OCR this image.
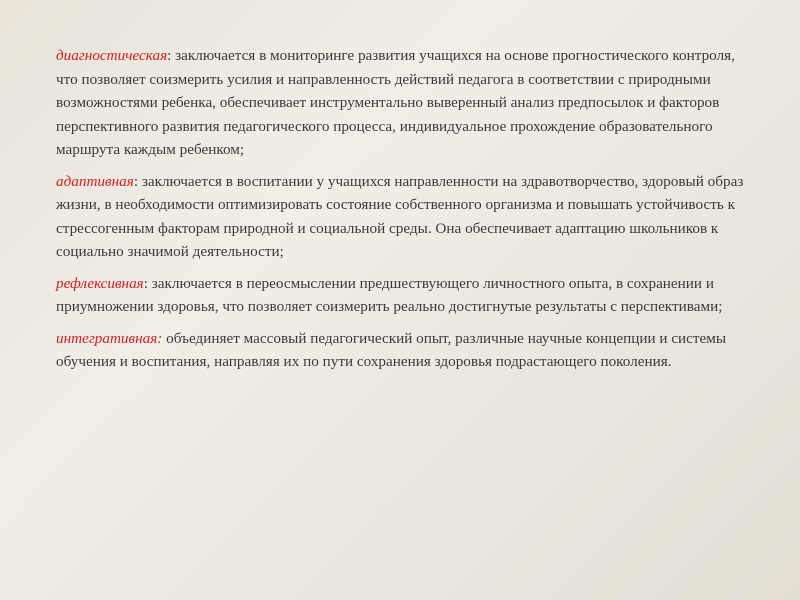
диагностическая: заключается в мониторинге развития учащихся на основе прогностического контроля, что позволяет соизмерить усилия и направленность действий педагога в соответствии с природными возможностями ребенка, обеспечивает инструментально выверенный анализ предпосылок и факторов перспективного развития педагогического процесса, индивидуальное прохождение образовательного маршрута каждым ребенком;

адаптивная: заключается в воспитании у учащихся направленности на здравотворчество, здоровый образ жизни, в необходимости оптимизировать состояние собственного организма и повышать устойчивость к стрессогенным факторам природной и социальной среды. Она обеспечивает адаптацию школьников к социально значимой деятельности;

рефлексивная: заключается в переосмыслении предшествующего личностного опыта, в сохранении и приумножении здоровья, что позволяет соизмерить реально достигнутые результаты с перспективами;

интегративная: объединяет массовый педагогический опыт, различные научные концепции и системы обучения и воспитания, направляя их по пути сохранения здоровья подрастающего поколения.
